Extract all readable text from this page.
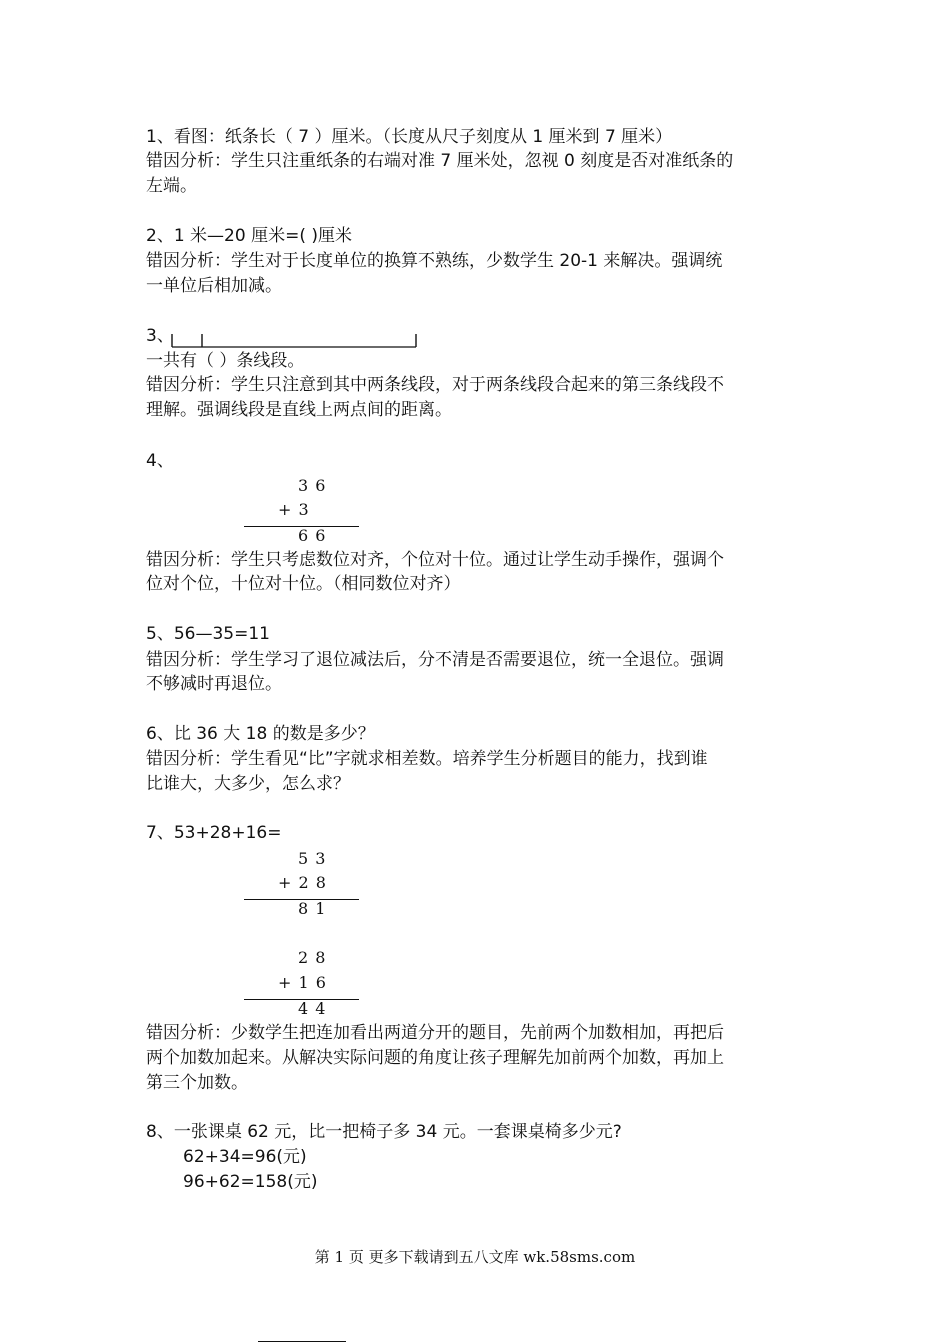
1、看图：纸条长（ 7 ）厘米。（长度从尺子刻度从 1 厘米到 7 厘米）
错因分析：学生只注重纸条的右端对准 7 厘米处，忽视 0 刻度是否对准纸条的
左端。
2、1 米—20 厘米=( )厘米
错因分析：学生对于长度单位的换算不熟练，少数学生 20-1 来解决。强调统
一单位后相加减。
3、
一共有（ ）条线段。
错因分析：学生只注意到其中两条线段，对于两条线段合起来的第三条线段不
理解。强调线段是直线上两点间的距离。
4、
3 6
+ 3
6 6
错因分析：学生只考虑数位对齐，个位对十位。通过让学生动手操作，强调个
位对个位，十位对十位。（相同数位对齐）
5、56—35=11
错因分析：学生学习了退位减法后，分不清是否需要退位，统一全退位。强调
不够减时再退位。
6、比 36 大 18 的数是多少？
错因分析：学生看见“比”字就求相差数。培养学生分析题目的能力，找到谁
比谁大，大多少，怎么求？
7、53+28+16=
5 3
+ 2 8
8 1
2 8
+ 1 6
4 4
错因分析：少数学生把连加看出两道分开的题目，先前两个加数相加，再把后
两个加数加起来。从解决实际问题的角度让孩子理解先加前两个加数，再加上
第三个加数。
8、一张课桌 62 元，比一把椅子多 34 元。一套课桌椅多少元?
62+34=96(元)
96+62=158(元)
第 1 页 更多下载请到五八文库 wk.58sms.com
